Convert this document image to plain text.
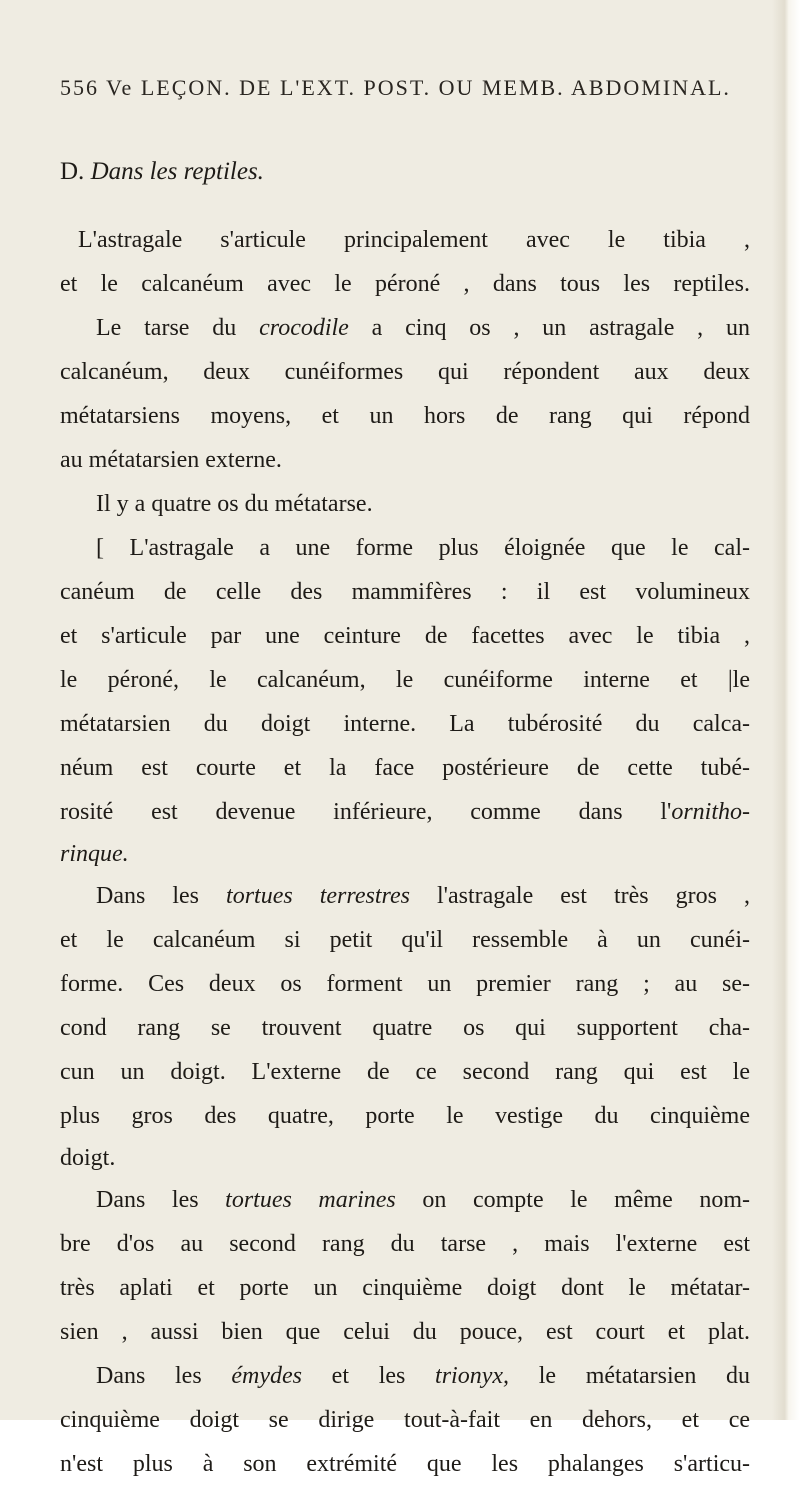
556 Ve LEÇON. DE L'EXT. POST. OU MEMB. ABDOMINAL.
D. Dans les reptiles.
L'astragale s'articule principalement avec le tibia ,
et le calcanéum avec le péroné , dans tous les reptiles.
Le tarse du crocodile a cinq os , un astragale , un
calcanéum, deux cunéiformes qui répondent aux deux
métatarsiens moyens, et un hors de rang qui répond
au métatarsien externe.
Il y a quatre os du métatarse.
[ L'astragale a une forme plus éloignée que le cal-
canéum de celle des mammifères : il est volumineux
et s'articule par une ceinture de facettes avec le tibia ,
le péroné, le calcanéum, le cunéiforme interne et |le
métatarsien du doigt interne. La tubérosité du calca-
néum est courte et la face postérieure de cette tubé-
rosité est devenue inférieure, comme dans l'ornitho-
rinque.
Dans les tortues terrestres l'astragale est très gros ,
et le calcanéum si petit qu'il ressemble à un cunéi-
forme. Ces deux os forment un premier rang ; au se-
cond rang se trouvent quatre os qui supportent cha-
cun un doigt. L'externe de ce second rang qui est le
plus gros des quatre, porte le vestige du cinquième
doigt.
Dans les tortues marines on compte le même nom-
bre d'os au second rang du tarse , mais l'externe est
très aplati et porte un cinquième doigt dont le métatar-
sien , aussi bien que celui du pouce, est court et plat.
Dans les émydes et les trionyx, le métatarsien du
cinquième doigt se dirige tout-à-fait en dehors, et ce
n'est plus à son extrémité que les phalanges s'articu-
